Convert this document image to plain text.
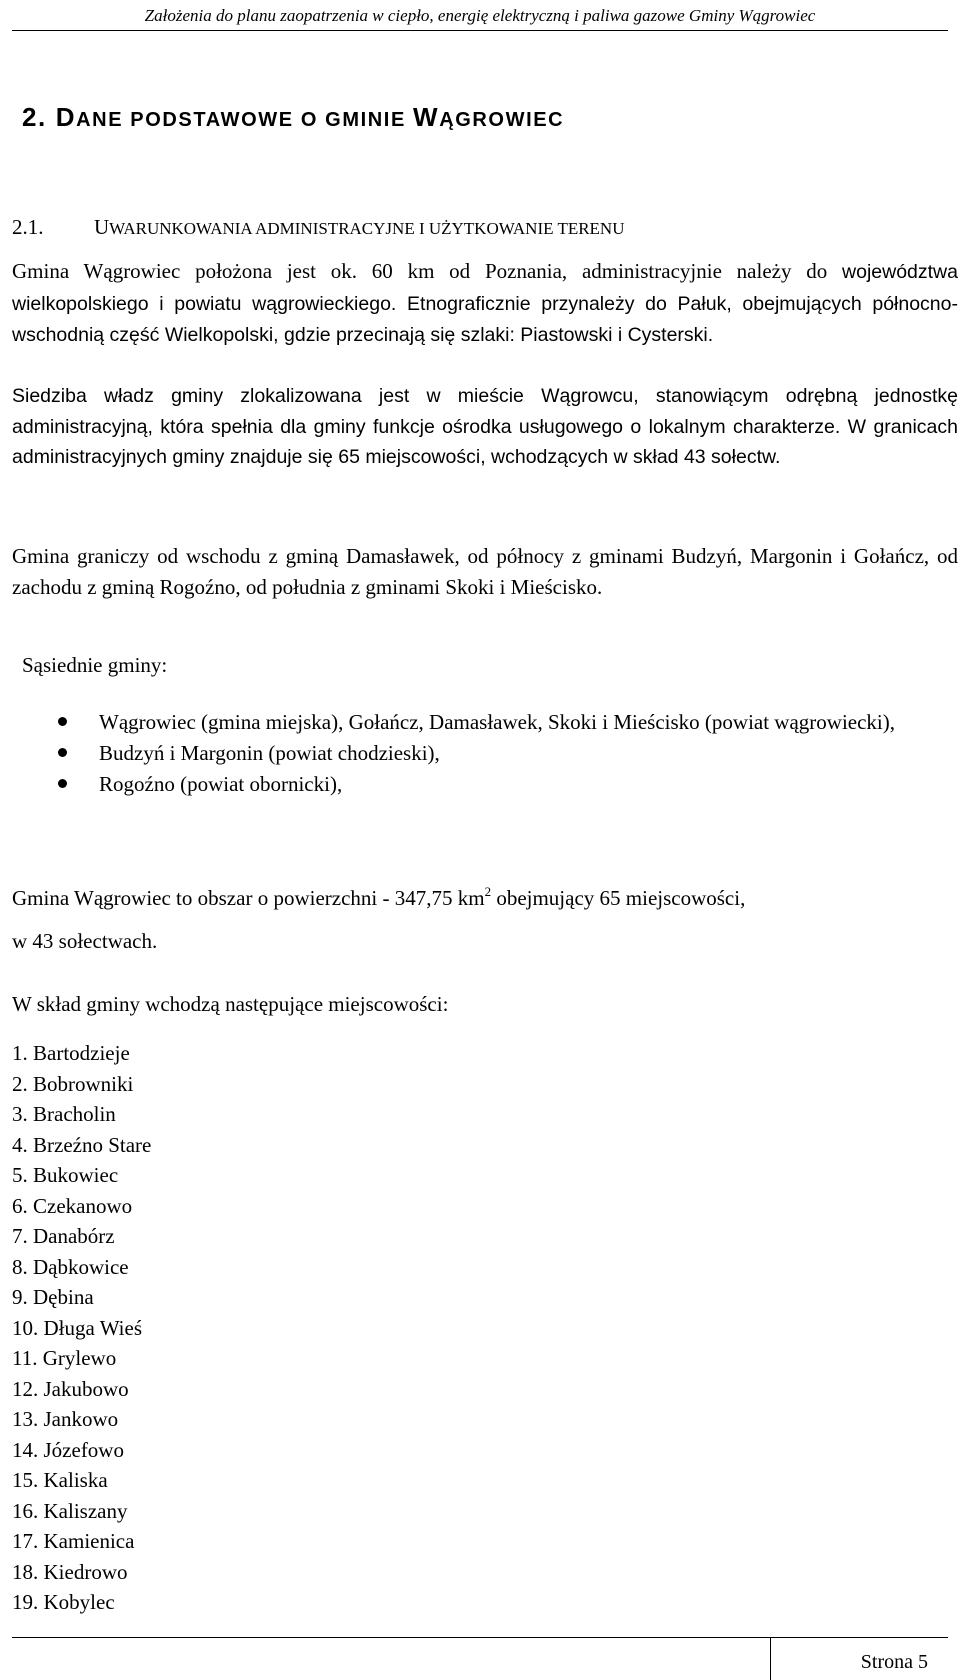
Założenia do planu zaopatrzenia w ciepło, energię elektryczną i paliwa gazowe Gminy Wągrowiec
2. DANE PODSTAWOWE O GMINIE WĄGROWIEC
2.1. UWARUNKOWANIA ADMINISTRACYJNE I UŻYTKOWANIE TERENU
Gmina Wągrowiec położona jest ok. 60 km od Poznania, administracyjnie należy do województwa wielkopolskiego i powiatu wągrowieckiego. Etnograficznie przynależy do Pałuk, obejmujących północno-wschodnią część Wielkopolski, gdzie przecinają się szlaki: Piastowski i Cysterski.
Siedziba władz gminy zlokalizowana jest w mieście Wągrowcu, stanowiącym odrębną jednostkę administracyjną, która spełnia dla gminy funkcje ośrodka usługowego o lokalnym charakterze. W granicach administracyjnych gminy znajduje się 65 miejscowości, wchodzących w skład 43 sołectw.
Gmina graniczy od wschodu z gminą Damasławek, od północy z gminami Budzyń, Margonin i Gołańcz, od zachodu z gminą Rogoźno, od południa z gminami Skoki i Mieścisko.
Sąsiednie gminy:
Wągrowiec (gmina miejska), Gołańcz, Damasławek, Skoki i Mieścisko (powiat wągrowiecki),
Budzyń i Margonin (powiat chodzieski),
Rogoźno (powiat obornicki),
Gmina Wągrowiec to obszar o powierzchni - 347,75 $km^2$ obejmujący 65 miejscowości,
w 43 sołectwach.
W skład gminy wchodzą następujące miejscowości:
1. Bartodzieje
2. Bobrowniki
3. Bracholin
4. Brzeźno Stare
5. Bukowiec
6. Czekanowo
7. Danabórz
8. Dąbkowice
9. Dębina
10. Długa Wieś
11. Grylewo
12. Jakubowo
13. Jankowo
14. Józefowo
15. Kaliska
16. Kaliszany
17. Kamienica
18. Kiedrowo
19. Kobylec
Strona 5
